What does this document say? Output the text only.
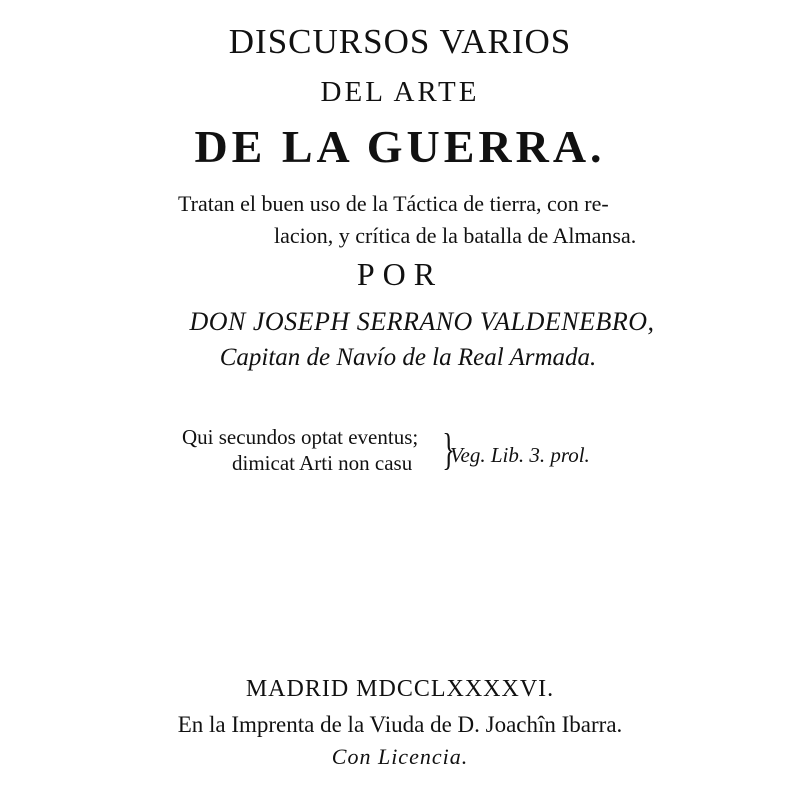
DISCURSOS VARIOS
DEL ARTE
DE LA GUERRA.
Tratan el buen uso de la Táctica de tierra, con re-
lacion, y crítica de la batalla de Almansa.
POR
DON JOSEPH SERRANO VALDENEBRO,
Capitan de Navío de la Real Armada.
Qui secundos optat eventus;
dimicat Arti non casu }
Veg. Lib. 3. prol.
MADRID MDCCLXXXXVI.
En la Imprenta de la Viuda de D. Joachîn Ibarra.
Con Licencia.
